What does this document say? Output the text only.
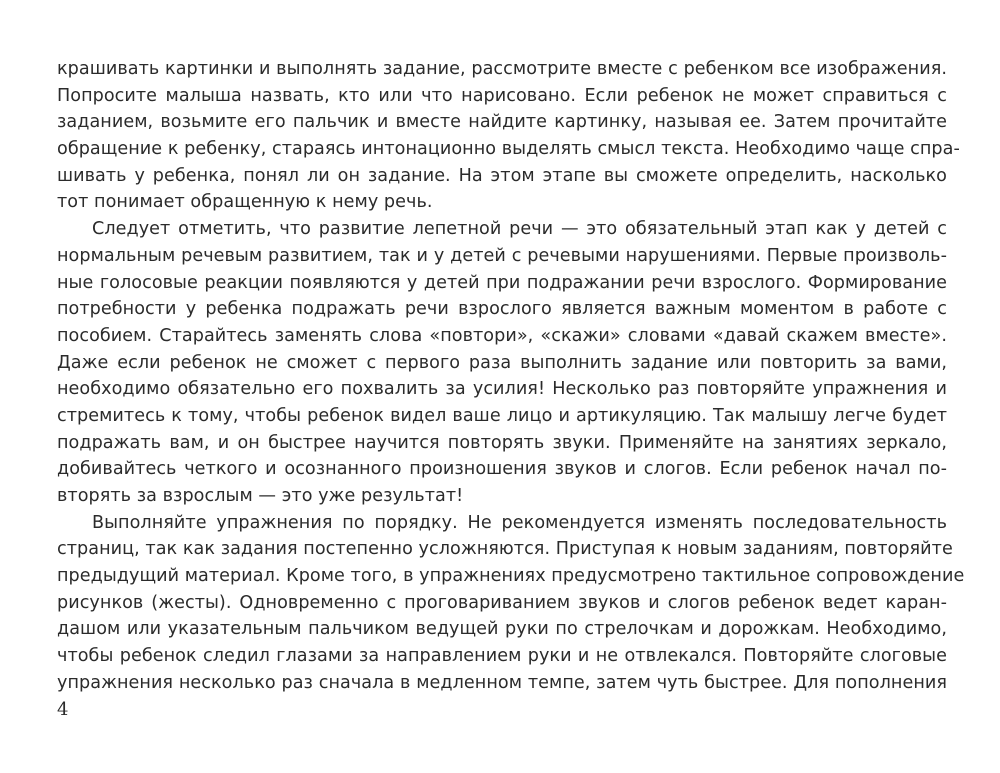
крашивать картинки и выполнять задание, рассмотрите вместе с ребенком все изображения.
Попросите малыша назвать, кто или что нарисовано. Если ребенок не может справиться с
заданием, возьмите его пальчик и вместе найдите картинку, называя ее. Затем прочитайте
обращение к ребенку, стараясь интонационно выделять смысл текста. Необходимо чаще спра-
шивать у ребенка, понял ли он задание. На этом этапе вы сможете определить, насколько
тот понимает обращенную к нему речь.
Следует отметить, что развитие лепетной речи — это обязательный этап как у детей с
нормальным речевым развитием, так и у детей с речевыми нарушениями. Первые произволь-
ные голосовые реакции появляются у детей при подражании речи взрослого. Формирование
потребности у ребенка подражать речи взрослого является важным моментом в работе с
пособием. Старайтесь заменять слова «повтори», «скажи» словами «давай скажем вместе».
Даже если ребенок не сможет с первого раза выполнить задание или повторить за вами,
необходимо обязательно его похвалить за усилия! Несколько раз повторяйте упражнения и
стремитесь к тому, чтобы ребенок видел ваше лицо и артикуляцию. Так малышу легче будет
подражать вам, и он быстрее научится повторять звуки. Применяйте на занятиях зеркало,
добивайтесь четкого и осознанного произношения звуков и слогов. Если ребенок начал по-
вторять за взрослым — это уже результат!
Выполняйте упражнения по порядку. Не рекомендуется изменять последовательность
страниц, так как задания постепенно усложняются. Приступая к новым заданиям, повторяйте
предыдущий материал. Кроме того, в упражнениях предусмотрено тактильное сопровождение
рисунков (жесты). Одновременно с проговариванием звуков и слогов ребенок ведет каран-
дашом или указательным пальчиком ведущей руки по стрелочкам и дорожкам. Необходимо,
чтобы ребенок следил глазами за направлением руки и не отвлекался. Повторяйте слоговые
упражнения несколько раз сначала в медленном темпе, затем чуть быстрее. Для пополнения
4
